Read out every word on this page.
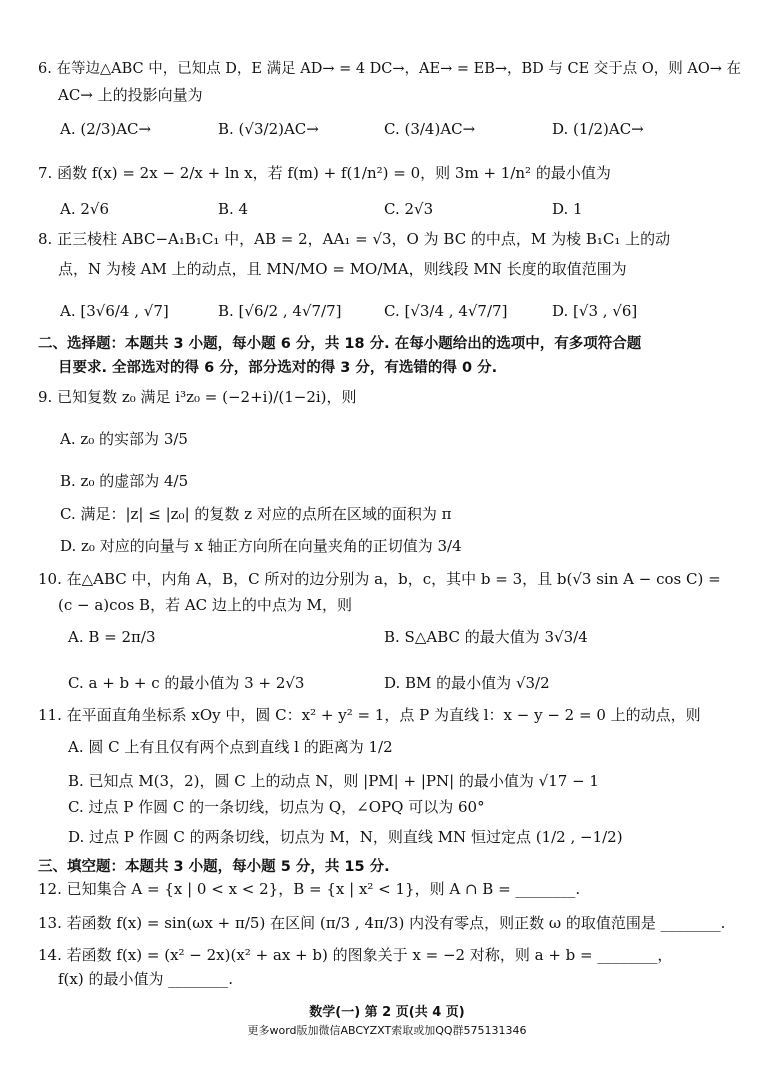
6. 在等边△ABC 中，已知点 D，E 满足 AD→ = 4 DC→，AE→ = EB→，BD 与 CE 交于点 O，则 AO→ 在
AC→ 上的投影向量为
A. (2/3)AC→	B. (√3/2)AC→	C. (3/4)AC→	D. (1/2)AC→
7. 函数 f(x) = 2x − 2/x + ln x，若 f(m) + f(1/n²) = 0，则 3m + 1/n² 的最小值为
A. 2√6	B. 4	C. 2√3	D. 1
8. 正三棱柱 ABC−A₁B₁C₁ 中，AB = 2，AA₁ = √3，O 为 BC 的中点，M 为棱 B₁C₁ 上的动
点，N 为棱 AM 上的动点，且 MN/MO = MO/MA，则线段 MN 长度的取值范围为
A. [3√6/4 , √7]	B. [√6/2 , 4√7/7]	C. [√3/4 , 4√7/7]	D. [√3 , √6]
二、选择题：本题共 3 小题，每小题 6 分，共 18 分. 在每小题给出的选项中，有多项符合题
目要求. 全部选对的得 6 分，部分选对的得 3 分，有选错的得 0 分.
9. 已知复数 z₀ 满足 i³z₀ = (−2+i)/(1−2i)，则
A. z₀ 的实部为 3/5
B. z₀ 的虚部为 4/5
C. 满足：|z| ≤ |z₀| 的复数 z 对应的点所在区域的面积为 π
D. z₀ 对应的向量与 x 轴正方向所在向量夹角的正切值为 3/4
10. 在△ABC 中，内角 A，B，C 所对的边分别为 a，b，c，其中 b = 3，且 b(√3 sin A − cos C) =
(c − a)cos B，若 AC 边上的中点为 M，则
A. B = 2π/3	B. S△ABC 的最大值为 3√3/4
C. a + b + c 的最小值为 3 + 2√3	D. BM 的最小值为 √3/2
11. 在平面直角坐标系 xOy 中，圆 C：x² + y² = 1，点 P 为直线 l：x − y − 2 = 0 上的动点，则
A. 圆 C 上有且仅有两个点到直线 l 的距离为 1/2
B. 已知点 M(3，2)，圆 C 上的动点 N，则 |PM| + |PN| 的最小值为 √17 − 1
C. 过点 P 作圆 C 的一条切线，切点为 Q，∠OPQ 可以为 60°
D. 过点 P 作圆 C 的两条切线，切点为 M，N，则直线 MN 恒过定点 (1/2 , −1/2)
三、填空题：本题共 3 小题，每小题 5 分，共 15 分.
12. 已知集合 A = {x | 0 < x < 2}，B = {x | x² < 1}，则 A ∩ B = ________.
13. 若函数 f(x) = sin(ωx + π/5) 在区间 (π/3 , 4π/3) 内没有零点，则正数 ω 的取值范围是 ________.
14. 若函数 f(x) = (x² − 2x)(x² + ax + b) 的图象关于 x = −2 对称，则 a + b = ________，
f(x) 的最小值为 ________.
数学(一) 第 2 页(共 4 页)
更多word版加微信ABCYZXT索取或加QQ群575131346
